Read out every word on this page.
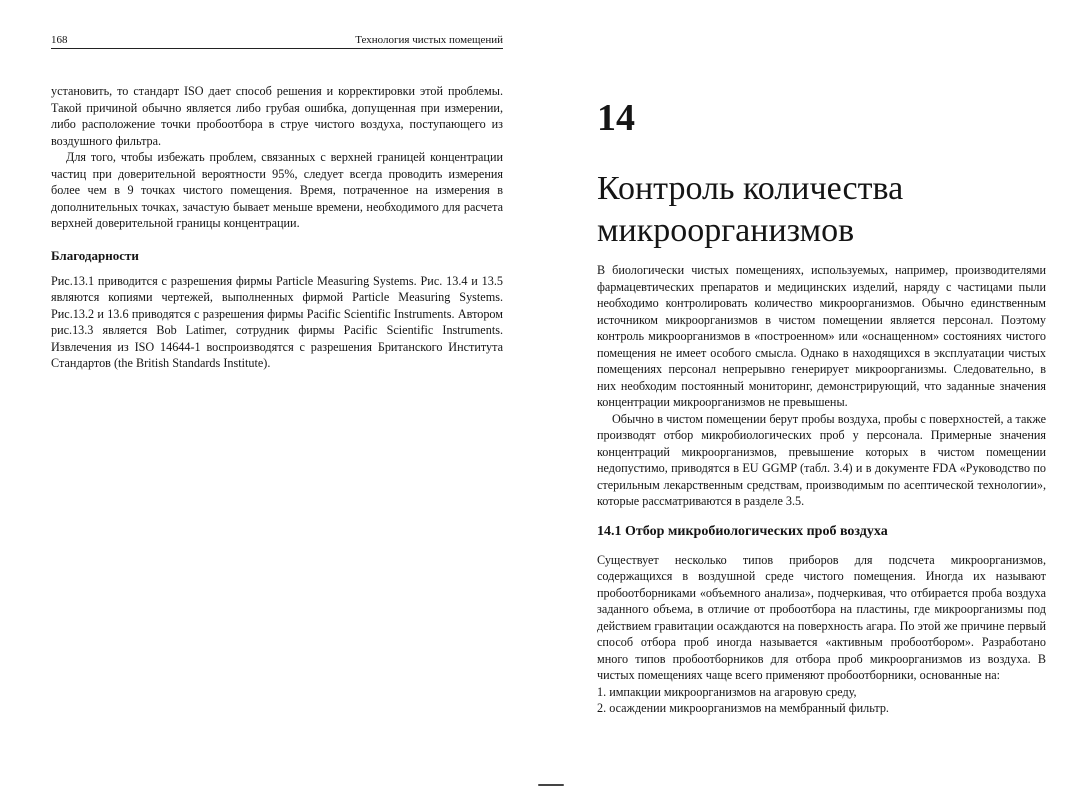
168	Технология чистых помещений

установить, то стандарт ISO дает способ решения и корректировки этой проблемы. Такой причиной обычно является либо грубая ошибка, допущенная при измерении, либо расположение точки пробоотбора в струе чистого воздуха, поступающего из воздушного фильтра.

Для того, чтобы избежать проблем, связанных с верхней границей концентрации частиц при доверительной вероятности 95%, следует всегда проводить измерения более чем в 9 точках чистого помещения. Время, потраченное на измерения в дополнительных точках, зачастую бывает меньше времени, необходимого для расчета верхней доверительной границы концентрации.

Благодарности

Рис.13.1 приводится с разрешения фирмы Particle Measuring Systems. Рис. 13.4 и 13.5 являются копиями чертежей, выполненных фирмой Particle Measuring Systems. Рис.13.2 и 13.6 приводятся с разрешения фирмы Pacific Scientific Instruments. Автором рис.13.3 является Bob Latimer, сотрудник фирмы Pacific Scientific Instruments. Извлечения из ISO 14644-1 воспроизводятся с разрешения Британского Института Стандартов (the British Standards Institute).

14
Контроль количества
микроорганизмов

В биологически чистых помещениях, используемых, например, производителями фармацевтических препаратов и медицинских изделий, наряду с частицами пыли необходимо контролировать количество микроорганизмов. Обычно единственным источником микроорганизмов в чистом помещении является персонал. Поэтому контроль микроорганизмов в «построенном» или «оснащенном» состояниях чистого помещения не имеет особого смысла. Однако в находящихся в эксплуатации чистых помещениях персонал непрерывно генерирует микроорганизмы. Следовательно, в них необходим постоянный мониторинг, демонстрирующий, что заданные значения концентрации микроорганизмов не превышены.

Обычно в чистом помещении берут пробы воздуха, пробы с поверхностей, а также производят отбор микробиологических проб у персонала. Примерные значения концентраций микроорганизмов, превышение которых в чистом помещении недопустимо, приводятся в EU GGMP (табл. 3.4) и в документе FDA «Руководство по стерильным лекарственным средствам, производимым по асептической технологии», которые рассматриваются в разделе 3.5.

14.1 Отбор микробиологических проб воздуха

Существует несколько типов приборов для подсчета микроорганизмов, содержащихся в воздушной среде чистого помещения. Иногда их называют пробоотборниками «объемного анализа», подчеркивая, что отбирается проба воздуха заданного объема, в отличие от пробоотбора на пластины, где микроорганизмы под действием гравитации осаждаются на поверхность агара. По этой же причине первый способ отбора проб иногда называется «активным пробоотбором». Разработано много типов пробоотборников для отбора проб микроорганизмов из воздуха. В чистых помещениях чаще всего применяют пробоотборники, основанные на:

1. импакции микроорганизмов на агаровую среду,
2. осаждении микроорганизмов на мембранный фильтр.
